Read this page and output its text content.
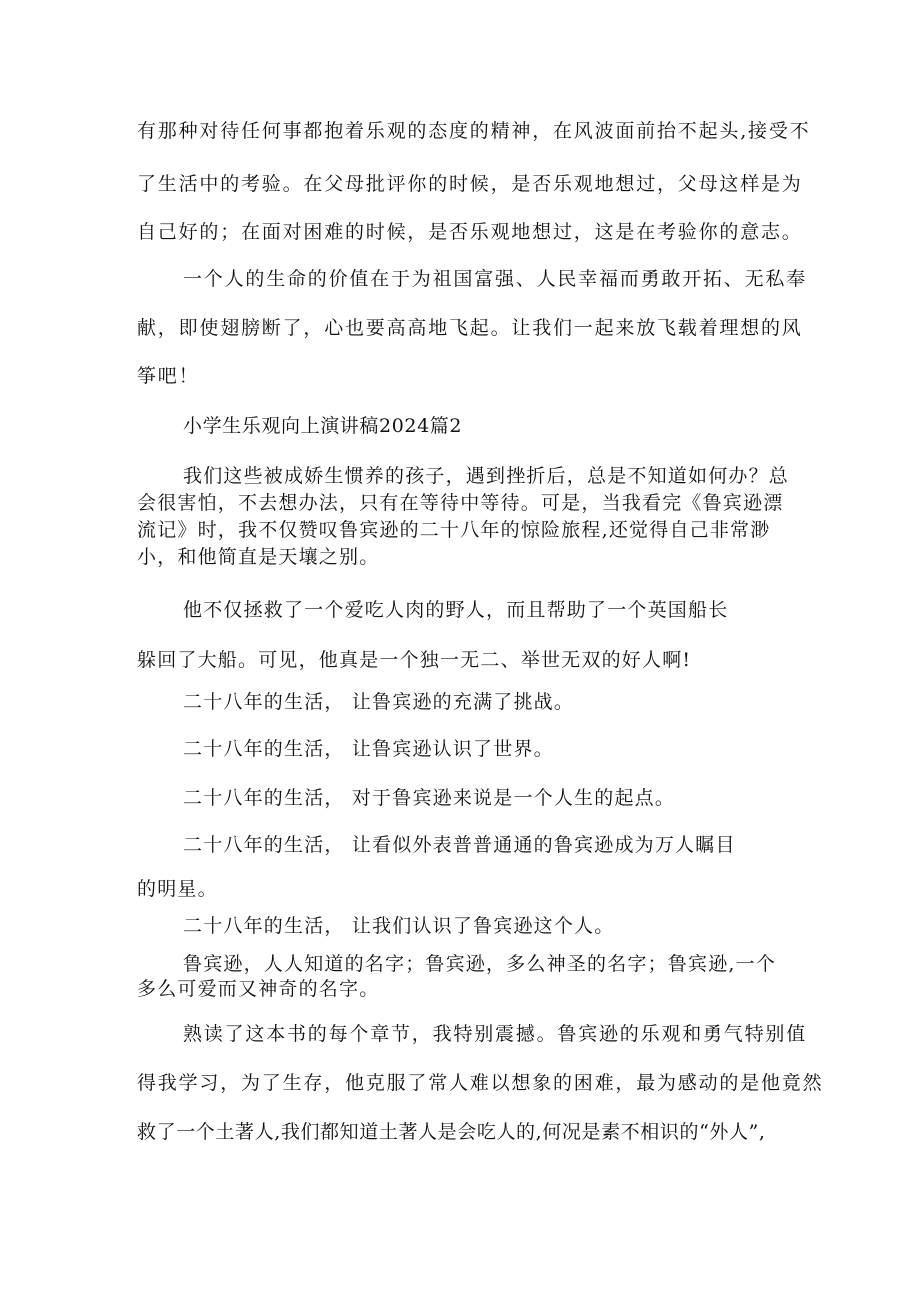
有那种对待任何事都抱着乐观的态度的精神，在风波面前抬不起头,接受不

了生活中的考验。在父母批评你的时候，是否乐观地想过，父母这样是为

自己好的；在面对困难的时候，是否乐观地想过，这是在考验你的意志。

一个人的生命的价值在于为祖国富强、人民幸福而勇敢开拓、无私奉

献，即使翅膀断了，心也要高高地飞起。让我们一起来放飞载着理想的风

筝吧！

小学生乐观向上演讲稿2024篇2

我们这些被成娇生惯养的孩子，遇到挫折后，总是不知道如何办？总

会很害怕，不去想办法，只有在等待中等待。可是，当我看完《鲁宾逊漂

流记》时，我不仅赞叹鲁宾逊的二十八年的惊险旅程,还觉得自己非常渺

小，和他简直是天壤之别。

他不仅拯救了一个爱吃人肉的野人，而且帮助了一个英国船长

躲回了大船。可见，他真是一个独一无二、举世无双的好人啊!

二十八年的生活， 让鲁宾逊的充满了挑战。

二十八年的生活， 让鲁宾逊认识了世界。

二十八年的生活， 对于鲁宾逊来说是一个人生的起点。

二十八年的生活， 让看似外表普普通通的鲁宾逊成为万人瞩目

的明星。

二十八年的生活， 让我们认识了鲁宾逊这个人。

鲁宾逊，人人知道的名字；鲁宾逊，多么神圣的名字；鲁宾逊,一个

多么可爱而又神奇的名字。

熟读了这本书的每个章节，我特别震撼。鲁宾逊的乐观和勇气特别值

得我学习，为了生存，他克服了常人难以想象的困难，最为感动的是他竟然

救了一个土著人,我们都知道土著人是会吃人的,何况是素不相识的“外人”,
